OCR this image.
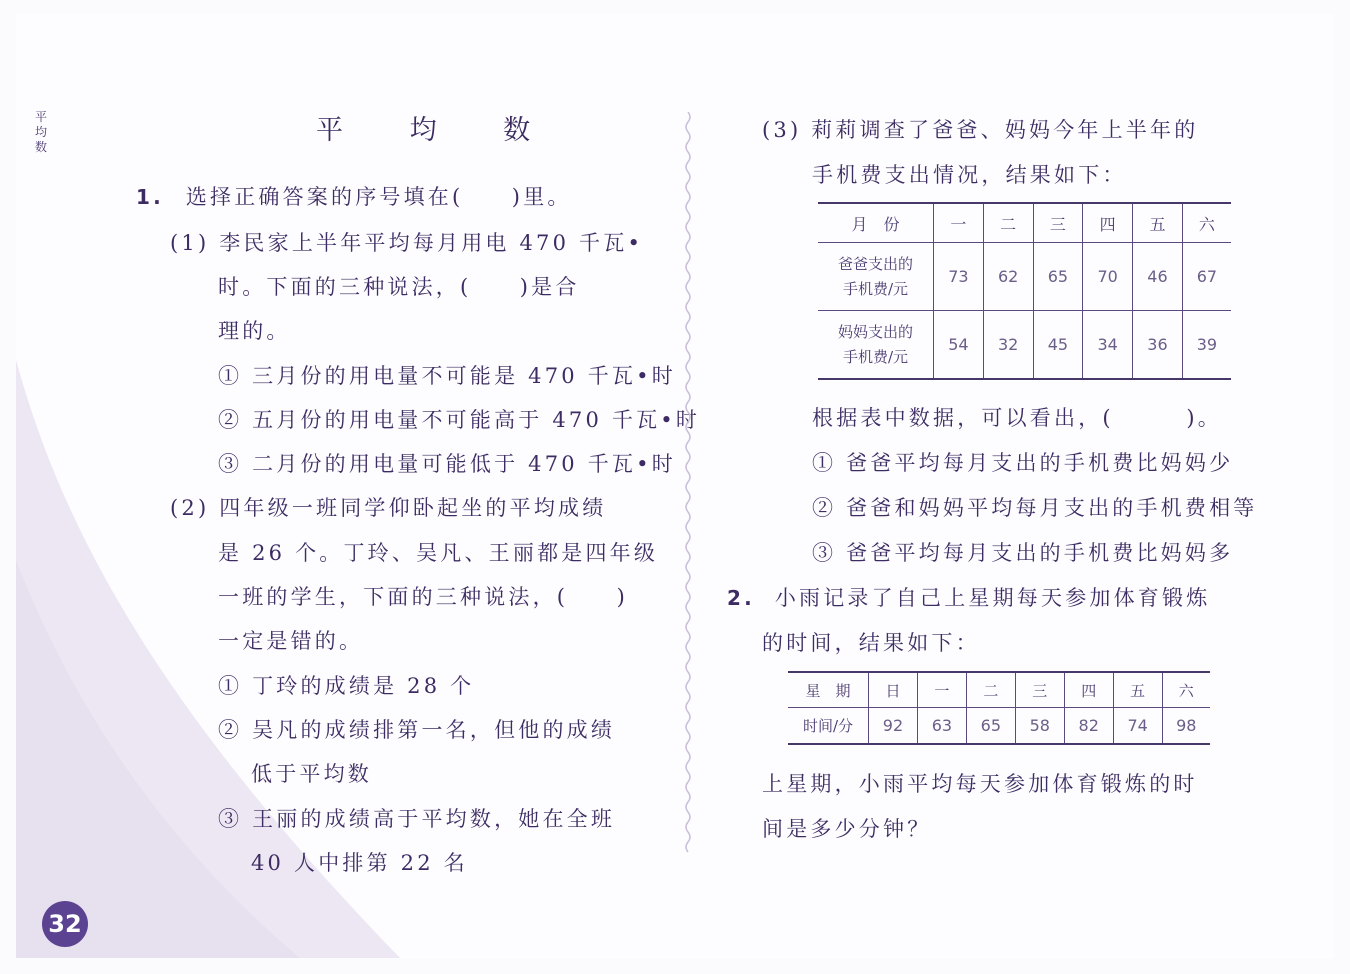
平均数
平 均 数
1. 选择正确答案的序号填在(　　)里。
(1) 李民家上半年平均每月用电 470 千瓦•
时。下面的三种说法，(　　)是合
理的。
① 三月份的用电量不可能是 470 千瓦•时
② 五月份的用电量不可能高于 470 千瓦•时
③ 二月份的用电量可能低于 470 千瓦•时
(2) 四年级一班同学仰卧起坐的平均成绩
是 26 个。丁玲、吴凡、王丽都是四年级
一班的学生，下面的三种说法，(　　)
一定是错的。
① 丁玲的成绩是 28 个
② 吴凡的成绩排第一名，但他的成绩
低于平均数
③ 王丽的成绩高于平均数，她在全班
40 人中排第 22 名
(3) 莉莉调查了爸爸、妈妈今年上半年的
手机费支出情况，结果如下：
月　份	一	二	三	四	五	六

爸爸支出的
手机费/元	73	62	65	70	46	67

妈妈支出的
手机费/元	54	32	45	34	36	39
根据表中数据，可以看出，(　　　)。
① 爸爸平均每月支出的手机费比妈妈少
② 爸爸和妈妈平均每月支出的手机费相等
③ 爸爸平均每月支出的手机费比妈妈多
2. 小雨记录了自己上星期每天参加体育锻炼
的时间，结果如下：
星　期	日	一	二	三	四	五	六
时间/分	92	63	65	58	82	74	98
上星期，小雨平均每天参加体育锻炼的时
间是多少分钟？
32
